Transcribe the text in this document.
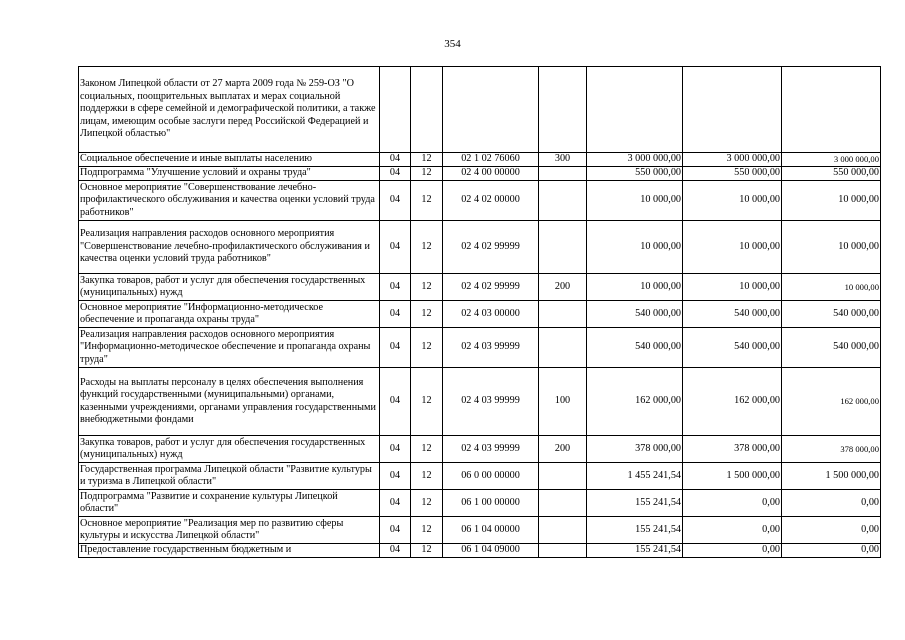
354
Законом Липецкой области от 27 марта 2009 года № 259-ОЗ "О социальных, поощрительных выплатах и мерах социальной поддержки в сфере семейной и демографической политики, а также лицам, имеющим особые заслуги перед Российской Федерацией и Липецкой областью"							
Социальное обеспечение и иные выплаты населению	04	12	02 1 02 76060	300	3 000 000,00	3 000 000,00	3 000 000,00
Подпрограмма "Улучшение условий и охраны труда"	04	12	02 4 00 00000		550 000,00	550 000,00	550 000,00
Основное мероприятие "Совершенствование лечебно-профилактического обслуживания и качества оценки условий труда работников"	04	12	02 4 02 00000		10 000,00	10 000,00	10 000,00
Реализация направления расходов основного мероприятия "Совершенствование лечебно-профилактического обслуживания и качества оценки условий труда работников"	04	12	02 4 02 99999		10 000,00	10 000,00	10 000,00
Закупка товаров, работ и услуг для обеспечения государственных (муниципальных) нужд	04	12	02 4 02 99999	200	10 000,00	10 000,00	10 000,00
Основное мероприятие "Информационно-методическое обеспечение и пропаганда охраны труда"	04	12	02 4 03 00000		540 000,00	540 000,00	540 000,00
Реализация направления расходов основного мероприятия "Информационно-методическое обеспечение и пропаганда охраны труда"	04	12	02 4 03 99999		540 000,00	540 000,00	540 000,00
Расходы на выплаты персоналу в целях обеспечения выполнения функций государственными (муниципальными) органами, казенными учреждениями, органами управления государственными внебюджетными фондами	04	12	02 4 03 99999	100	162 000,00	162 000,00	162 000,00
Закупка товаров, работ и услуг для обеспечения государственных (муниципальных) нужд	04	12	02 4 03 99999	200	378 000,00	378 000,00	378 000,00
Государственная программа Липецкой области "Развитие культуры и туризма в Липецкой области"	04	12	06 0 00 00000		1 455 241,54	1 500 000,00	1 500 000,00
Подпрограмма "Развитие и сохранение культуры Липецкой области"	04	12	06 1 00 00000		155 241,54	0,00	0,00
Основное мероприятие "Реализация мер по развитию сферы культуры и искусства Липецкой области"	04	12	06 1 04 00000		155 241,54	0,00	0,00
Предоставление государственным бюджетным и	04	12	06 1 04 09000		155 241,54	0,00	0,00
